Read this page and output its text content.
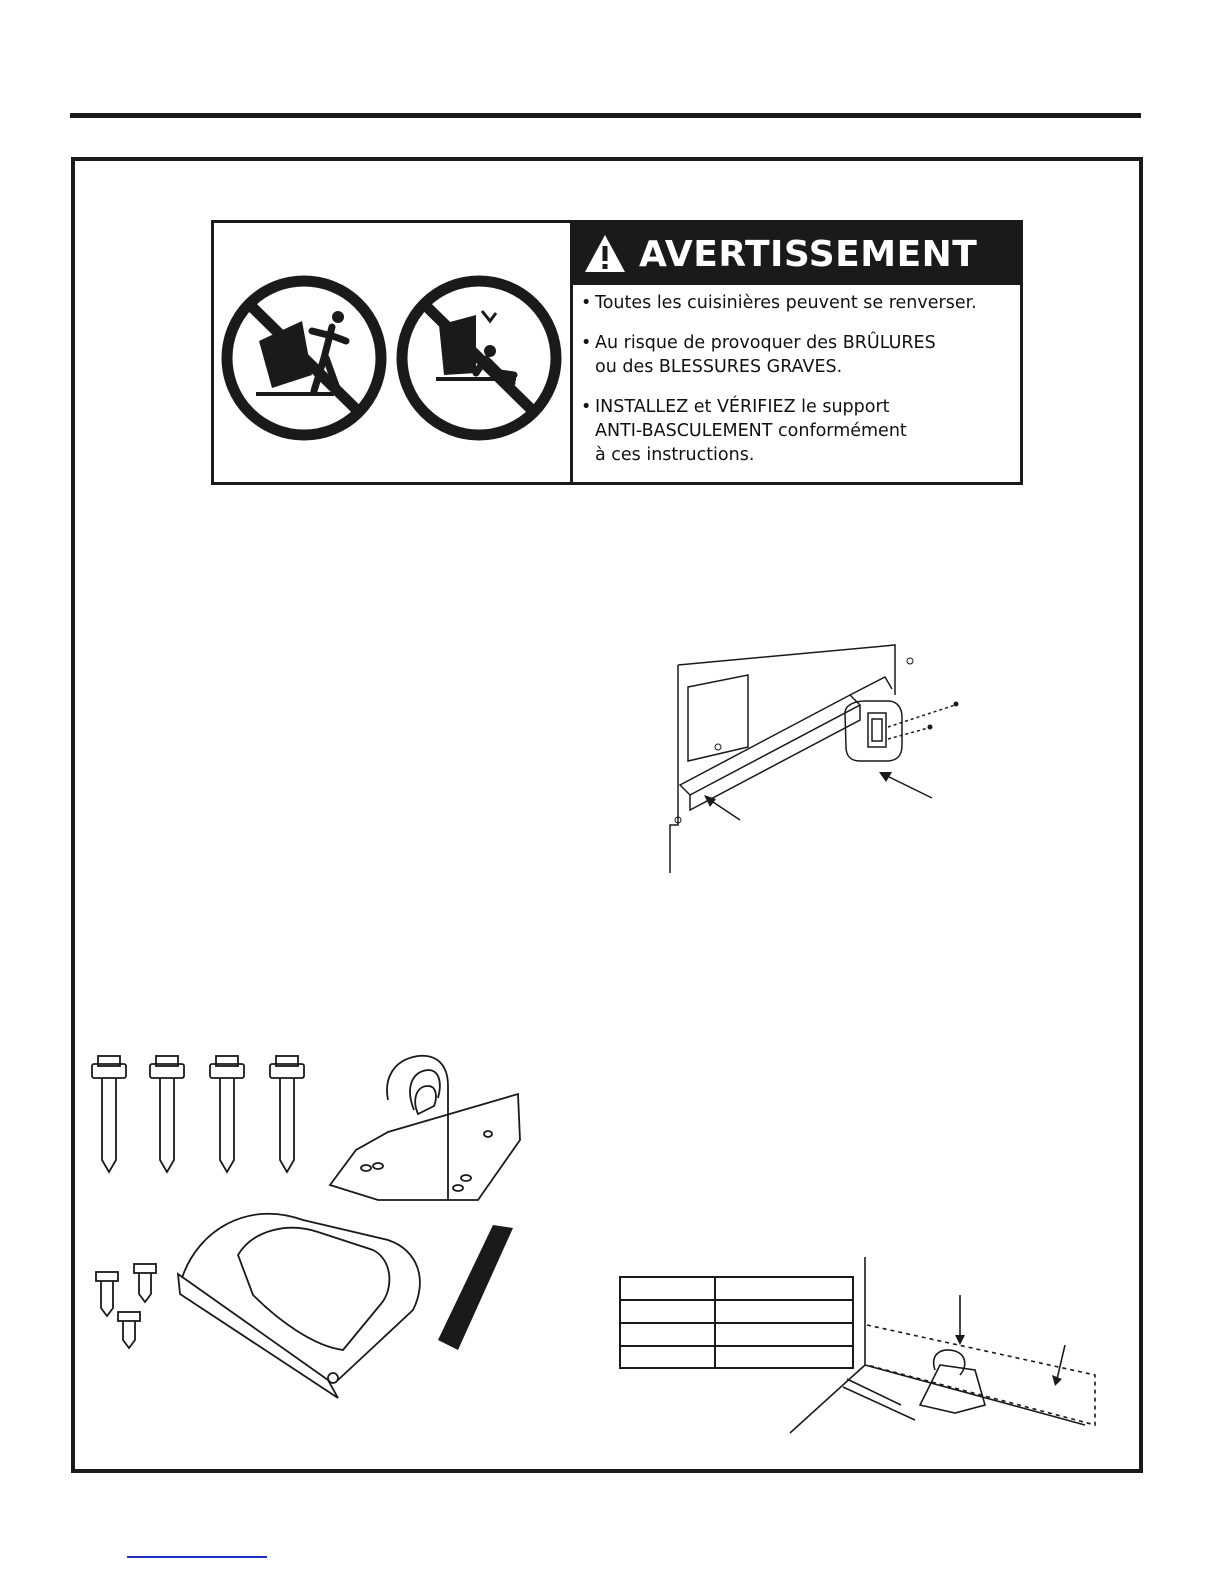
AVERTISSEMENT
• Toutes les cuisinières peuvent se renverser.
• Au risque de provoquer des BRÛLURES
ou des BLESSURES GRAVES.
• INSTALLEZ et VÉRIFIEZ le support
ANTI-BASCULEMENT conformément
à ces instructions.
